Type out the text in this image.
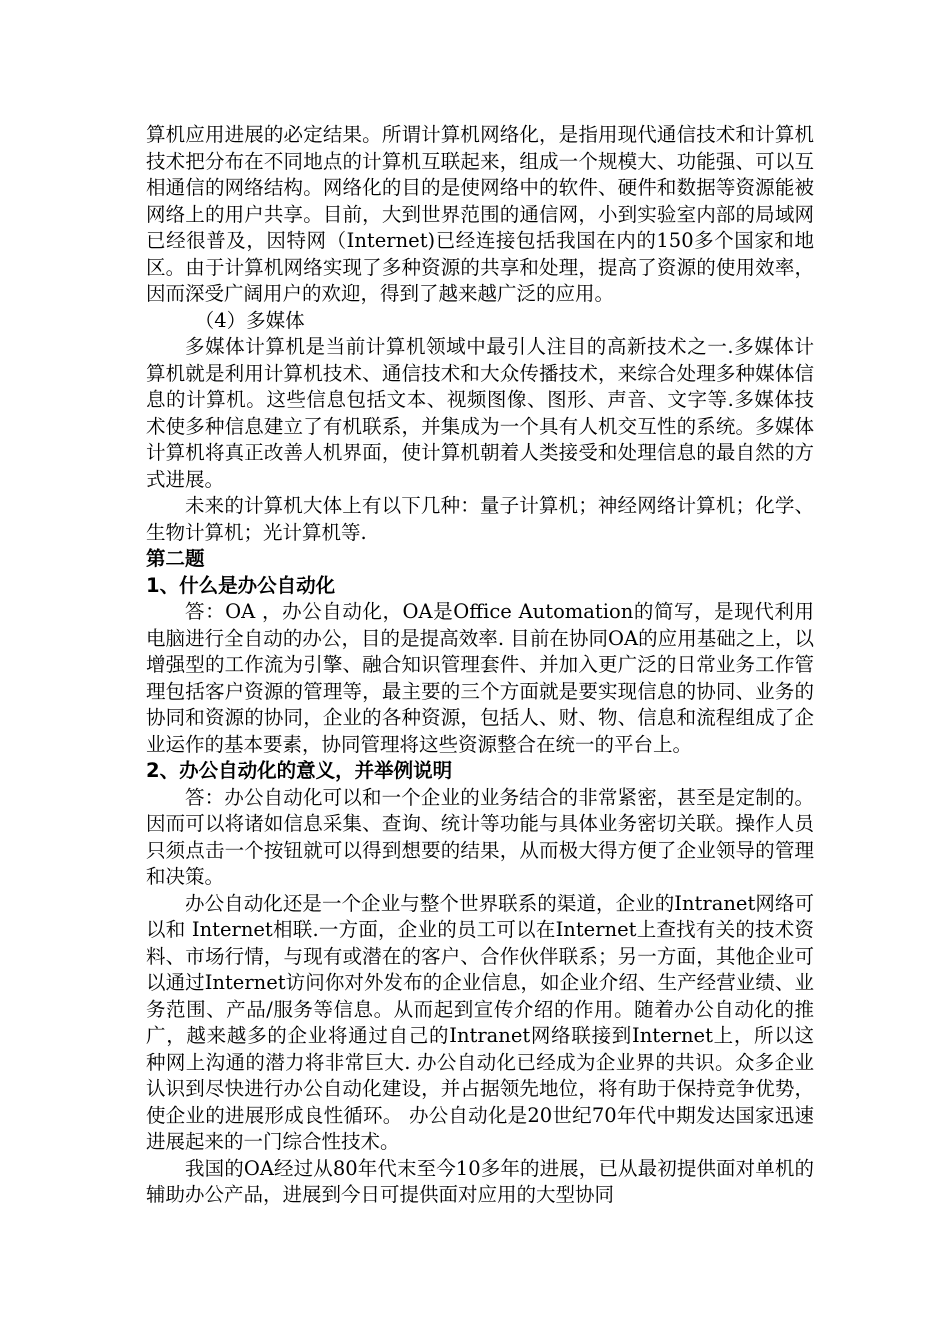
算机应用进展的必定结果。所谓计算机网络化，是指用现代通信技术和计算机技术把分布在不同地点的计算机互联起来，组成一个规模大、功能强、可以互相通信的网络结构。网络化的目的是使网络中的软件、硬件和数据等资源能被网络上的用户共享。目前，大到世界范围的通信网，小到实验室内部的局域网已经很普及，因特网（Internet)已经连接包括我国在内的150多个国家和地区。由于计算机网络实现了多种资源的共享和处理，提高了资源的使用效率，因而深受广阔用户的欢迎，得到了越来越广泛的应用。

（4）多媒体

多媒体计算机是当前计算机领域中最引人注目的高新技术之一.多媒体计算机就是利用计算机技术、通信技术和大众传播技术，来综合处理多种媒体信息的计算机。这些信息包括文本、视频图像、图形、声音、文字等.多媒体技术使多种信息建立了有机联系，并集成为一个具有人机交互性的系统。多媒体计算机将真正改善人机界面，使计算机朝着人类接受和处理信息的最自然的方式进展。

未来的计算机大体上有以下几种：量子计算机；神经网络计算机；化学、生物计算机；光计算机等.

第二题

1、什么是办公自动化

答：OA ，办公自动化，OA是Office Automation的简写，是现代利用电脑进行全自动的办公，目的是提高效率. 目前在协同OA的应用基础之上，以增强型的工作流为引擎、融合知识管理套件、并加入更广泛的日常业务工作管理包括客户资源的管理等，最主要的三个方面就是要实现信息的协同、业务的协同和资源的协同，企业的各种资源，包括人、财、物、信息和流程组成了企业运作的基本要素，协同管理将这些资源整合在统一的平台上。

2、办公自动化的意义，并举例说明

答：办公自动化可以和一个企业的业务结合的非常紧密，甚至是定制的。因而可以将诸如信息采集、查询、统计等功能与具体业务密切关联。操作人员只须点击一个按钮就可以得到想要的结果，从而极大得方便了企业领导的管理和决策。

办公自动化还是一个企业与整个世界联系的渠道，企业的Intranet网络可以和 Internet相联.一方面，企业的员工可以在Internet上查找有关的技术资料、市场行情，与现有或潜在的客户、合作伙伴联系；另一方面，其他企业可以通过Internet访问你对外发布的企业信息，如企业介绍、生产经营业绩、业务范围、产品/服务等信息。从而起到宣传介绍的作用。随着办公自动化的推广，越来越多的企业将通过自己的Intranet网络联接到Internet上，所以这种网上沟通的潜力将非常巨大. 办公自动化已经成为企业界的共识。众多企业认识到尽快进行办公自动化建设，并占据领先地位，将有助于保持竞争优势，使企业的进展形成良性循环。 办公自动化是20世纪70年代中期发达国家迅速进展起来的一门综合性技术。

我国的OA经过从80年代末至今10多年的进展，已从最初提供面对单机的辅助办公产品，进展到今日可提供面对应用的大型协同
